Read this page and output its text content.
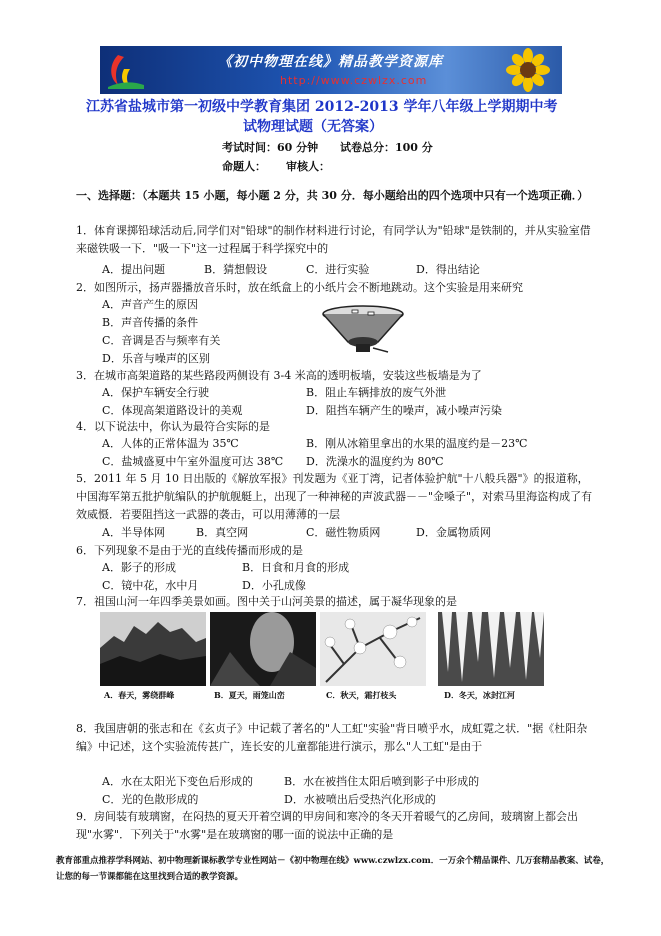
《初中物理在线》精品教学资源库
http://www.czwlzx.com
江苏省盐城市第一初级中学教育集团 2012-2013 学年八年级上学期期中考
试物理试题（无答案）
考试时间：60 分钟 试卷总分：100 分
命题人： 审核人：
一、选择题：（本题共 15 小题，每小题 2 分，共 30 分．每小题给出的四个选项中只有一个选项正确．）
1．体育课掷铅球活动后,同学们对"铅球"的制作材料进行讨论，有同学认为"铅球"是铁制的，并从实验室借来磁铁吸一下．"吸一下"这一过程属于科学探究中的
A．提出问题	B．猜想假设	C．进行实验	D．得出结论
2．如图所示，扬声器播放音乐时，放在纸盒上的小纸片会不断地跳动。这个实验是用来研究
A．声音产生的原因
B．声音传播的条件
C．音调是否与频率有关
D．乐音与噪声的区别
3．在城市高架道路的某些路段两侧设有 3-4 米高的透明板墙，安装这些板墙是为了
A．保护车辆安全行驶	B．阻止车辆排放的废气外泄
C．体现高架道路设计的美观	D．阻挡车辆产生的噪声，减小噪声污染
4．以下说法中，你认为最符合实际的是
A．人体的正常体温为 35℃	B．刚从冰箱里拿出的水果的温度约是－23℃
C．盐城盛夏中午室外温度可达 38℃ D．洗澡水的温度约为 80℃
5．2011 年 5 月 10 日出版的《解放军报》刊发题为《亚丁湾，记者体验护航"十八般兵器"》的报道称，中国海军第五批护航编队的护航舰艇上，出现了一种神秘的声波武器－－"金嗓子"，对索马里海盗构成了有效威慑．若要阻挡这一武器的袭击，可以用薄薄的一层
A．半导体网	B．真空网	C．磁性物质网	D．金属物质网
6．下列现象不是由于光的直线传播而形成的是
A．影子的形成	B．日食和月食的形成
C．镜中花，水中月	D．小孔成像
7．祖国山河一年四季美景如画。图中关于山河美景的描述，属于凝华现象的是
A．春天，雾绕群峰	B．夏天，雨笼山峦	C．秋天，霜打枝头	D．冬天，冰封江河
8．我国唐朝的张志和在《玄贞子》中记载了著名的"人工虹"实验"背日喷乎水，成虹霓之状．"据《杜阳杂编》中记述，这个实验流传甚广，连长安的儿童都能进行演示，那么"人工虹"是由于
A．水在太阳光下变色后形成的	B．水在被挡住太阳后喷到影子中形成的
C．光的色散形成的	D．水被喷出后受热汽化形成的
9．房间装有玻璃窗，在闷热的夏天开着空调的甲房间和寒冷的冬天开着暖气的乙房间，玻璃窗上都会出现"水雾"．下列关于"水雾"是在玻璃窗的哪一面的说法中正确的是
教育部重点推荐学科网站、初中物理新课标教学专业性网站－《初中物理在线》www.czwlzx.com．一万余个精品课件、几万套精品教案、试卷，让您的每一节课都能在这里找到合适的教学资源。
